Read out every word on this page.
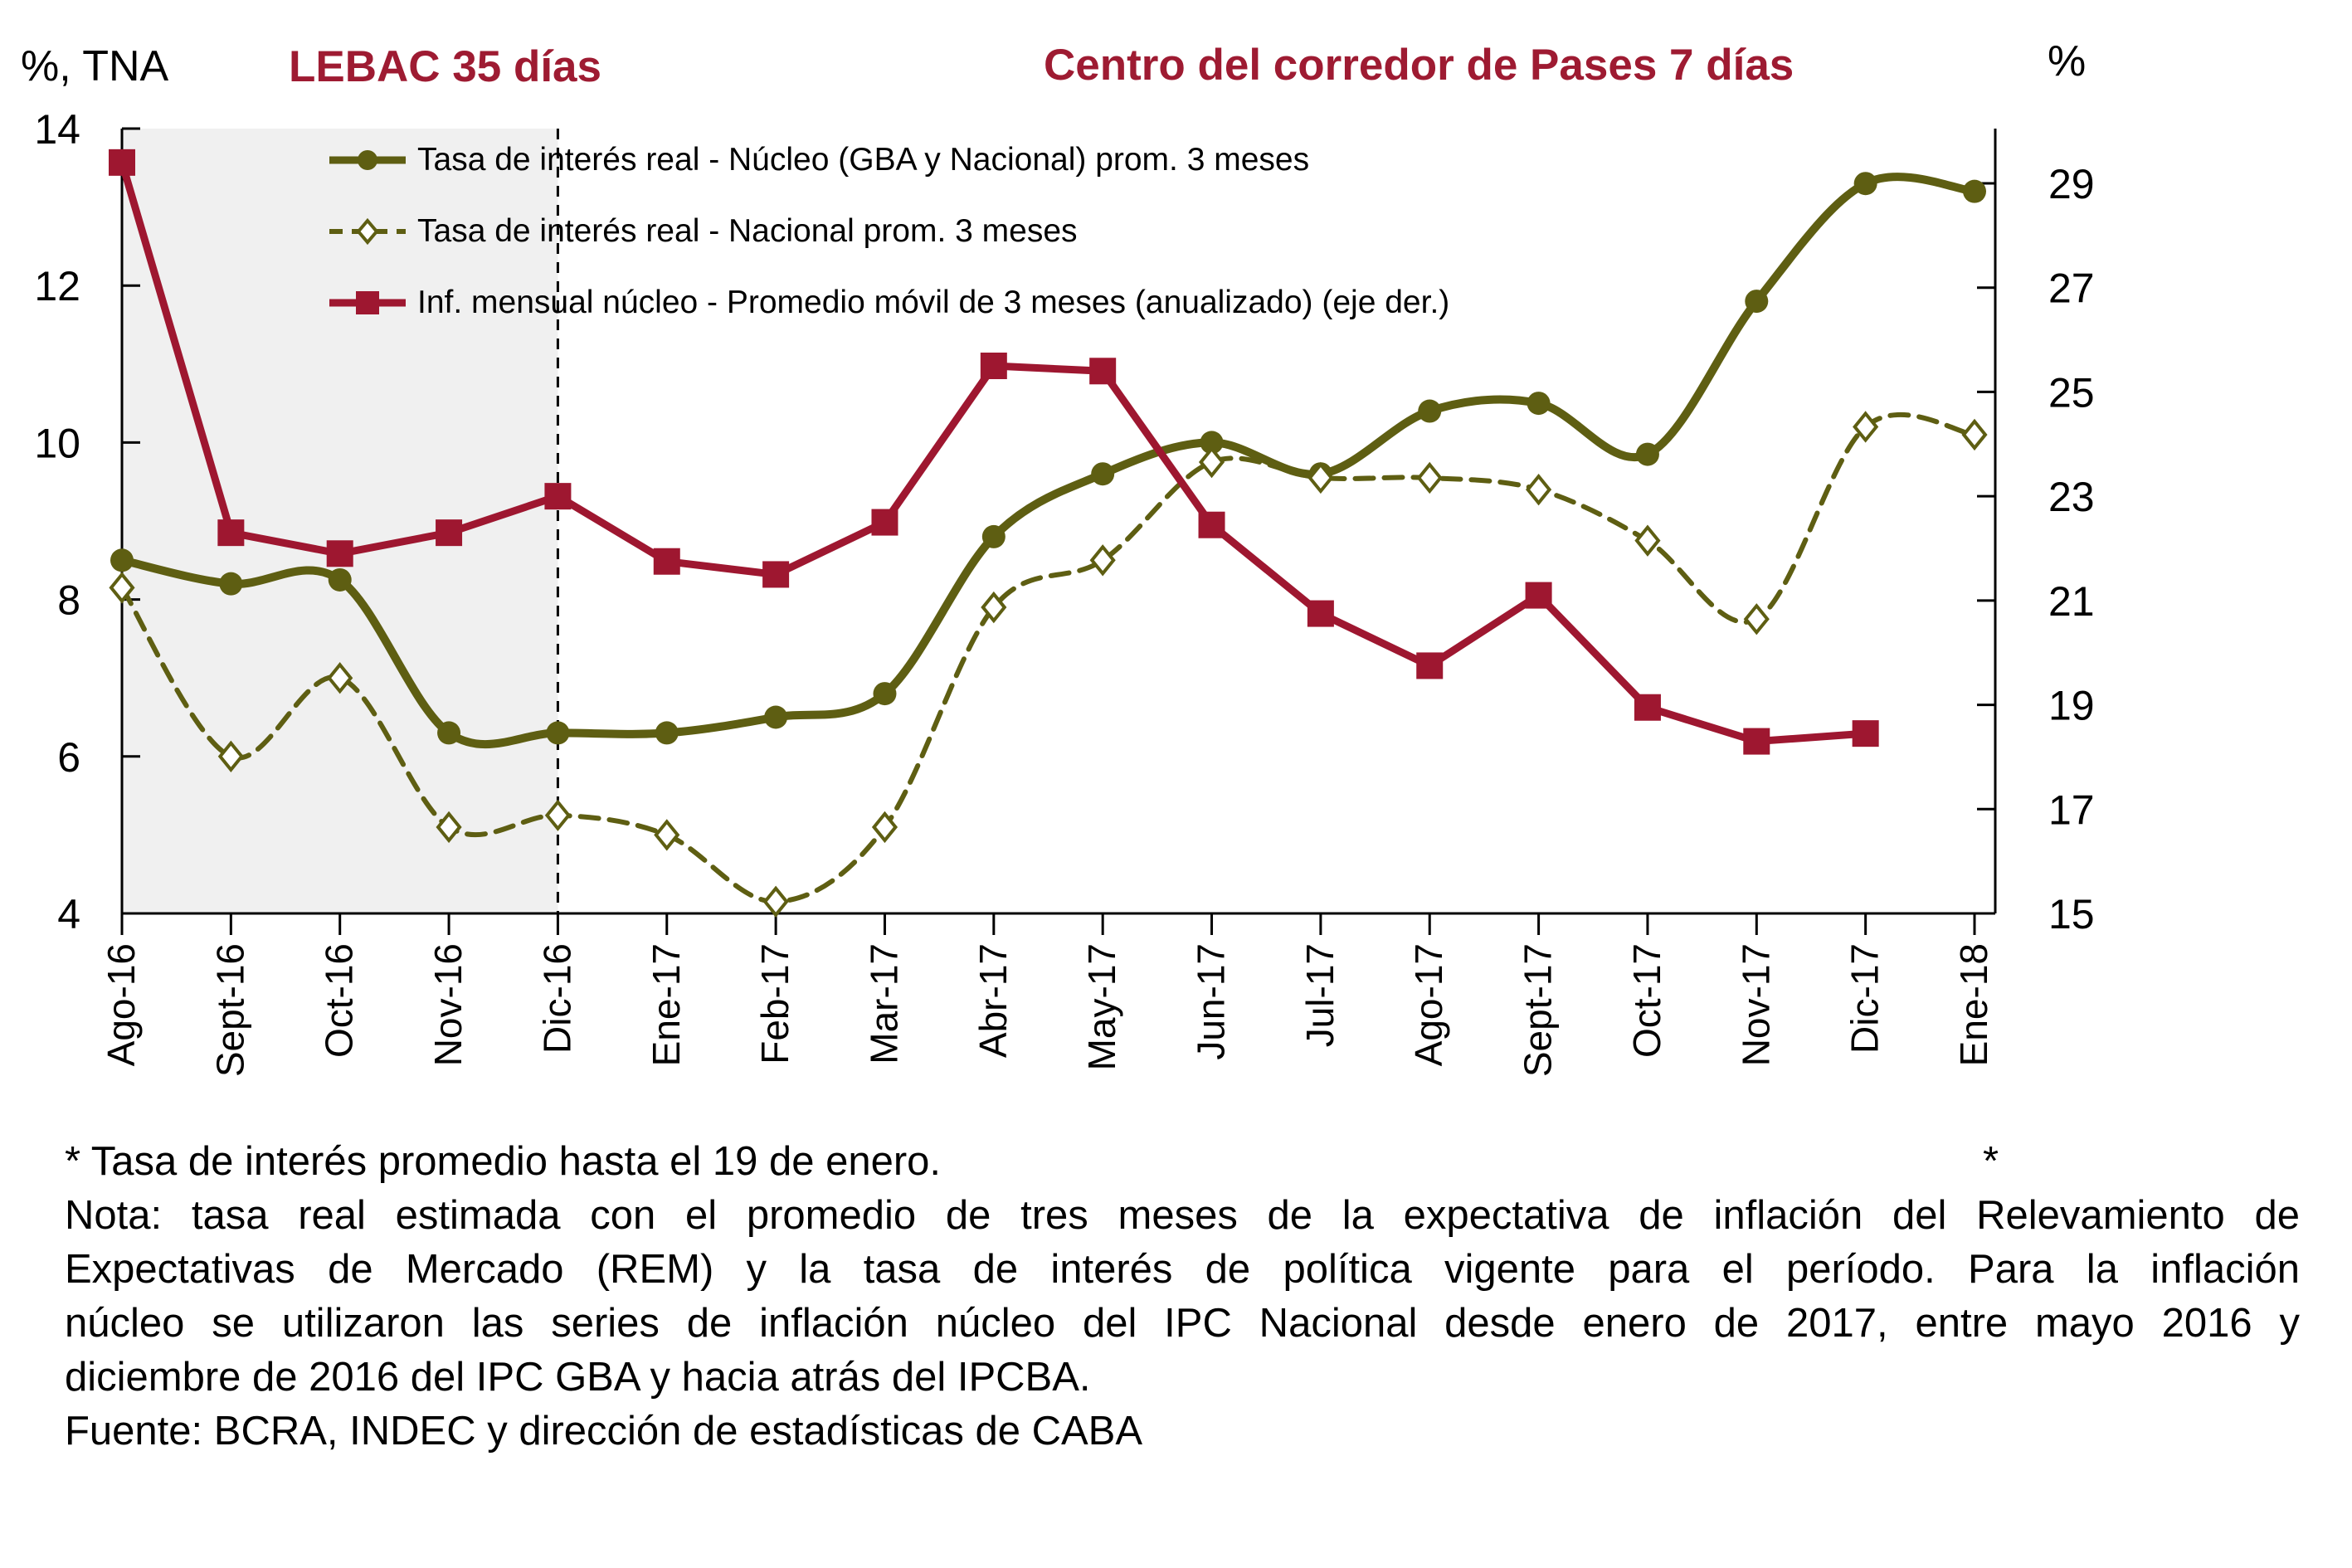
%, TNA	LEBAC 35 días	Centro del corredor de Pases 7 días	%
4
6
8
10
12
14
15
17
19
21
23
25
27
29
Ago-16 Sept-16 Oct-16 Nov-16 Dic-16 Ene-17 Feb-17 Mar-17 Abr-17 May-17 Jun-17 Jul-17 Ago-17 Sept-17 Oct-17 Nov-17 Dic-17 Ene-18
Tasa de interés real - Núcleo (GBA y Nacional) prom. 3 meses
Tasa de interés real - Nacional prom. 3 meses
Inf. mensual núcleo - Promedio móvil de 3 meses (anualizado) (eje der.)
*
* Tasa de interés promedio hasta el 19 de enero.
Nota: tasa real estimada con el promedio de tres meses de la expectativa de inflación del Relevamiento de
Expectativas de Mercado (REM) y la tasa de interés de política vigente para el período. Para la inflación
núcleo se utilizaron las series de inflación núcleo del IPC Nacional desde enero de 2017, entre mayo 2016 y
diciembre de 2016 del IPC GBA y hacia atrás del IPCBA.
Fuente: BCRA, INDEC y dirección de estadísticas de CABA
